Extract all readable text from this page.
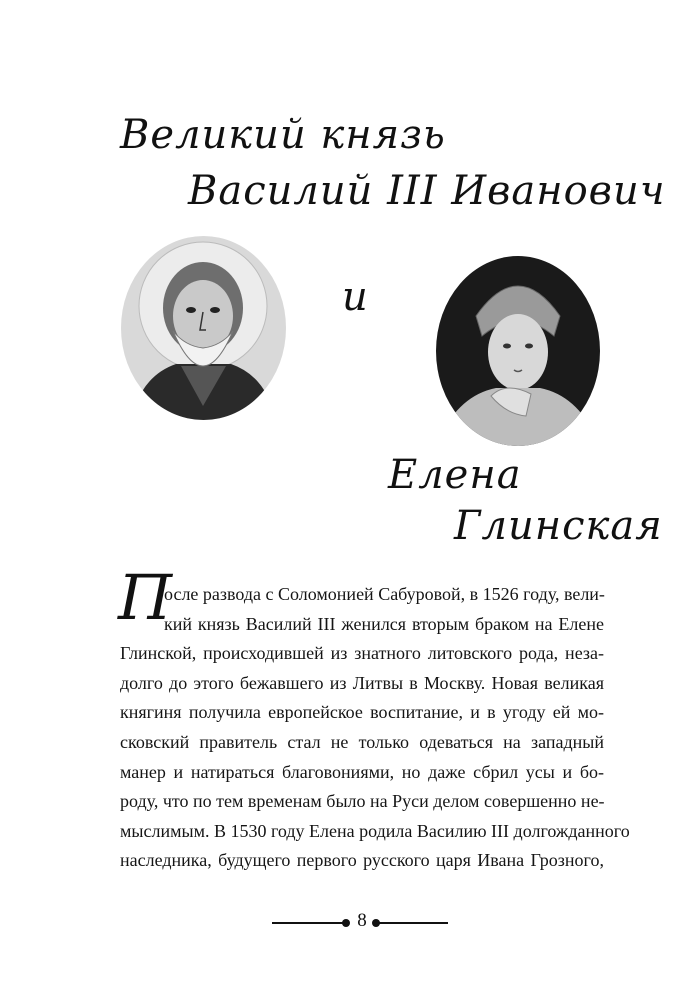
Великий князь
Василий III Иванович
и
Елена
Глинская
П
осле развода с Соломонией Сабуровой, в 1526 году, вели-
кий князь Василий III женился вторым браком на Елене
Глинской, происходившей из знатного литовского рода, неза-
долго до этого бежавшего из Литвы в Москву. Новая великая
княгиня получила европейское воспитание, и в угоду ей мо-
сковский правитель стал не только одеваться на западный
манер и натираться благовониями, но даже сбрил усы и бо-
роду, что по тем временам было на Руси делом совершенно не-
мыслимым. В 1530 году Елена родила Василию III долгожданного
наследника, будущего первого русского царя Ивана Грозного,
8
